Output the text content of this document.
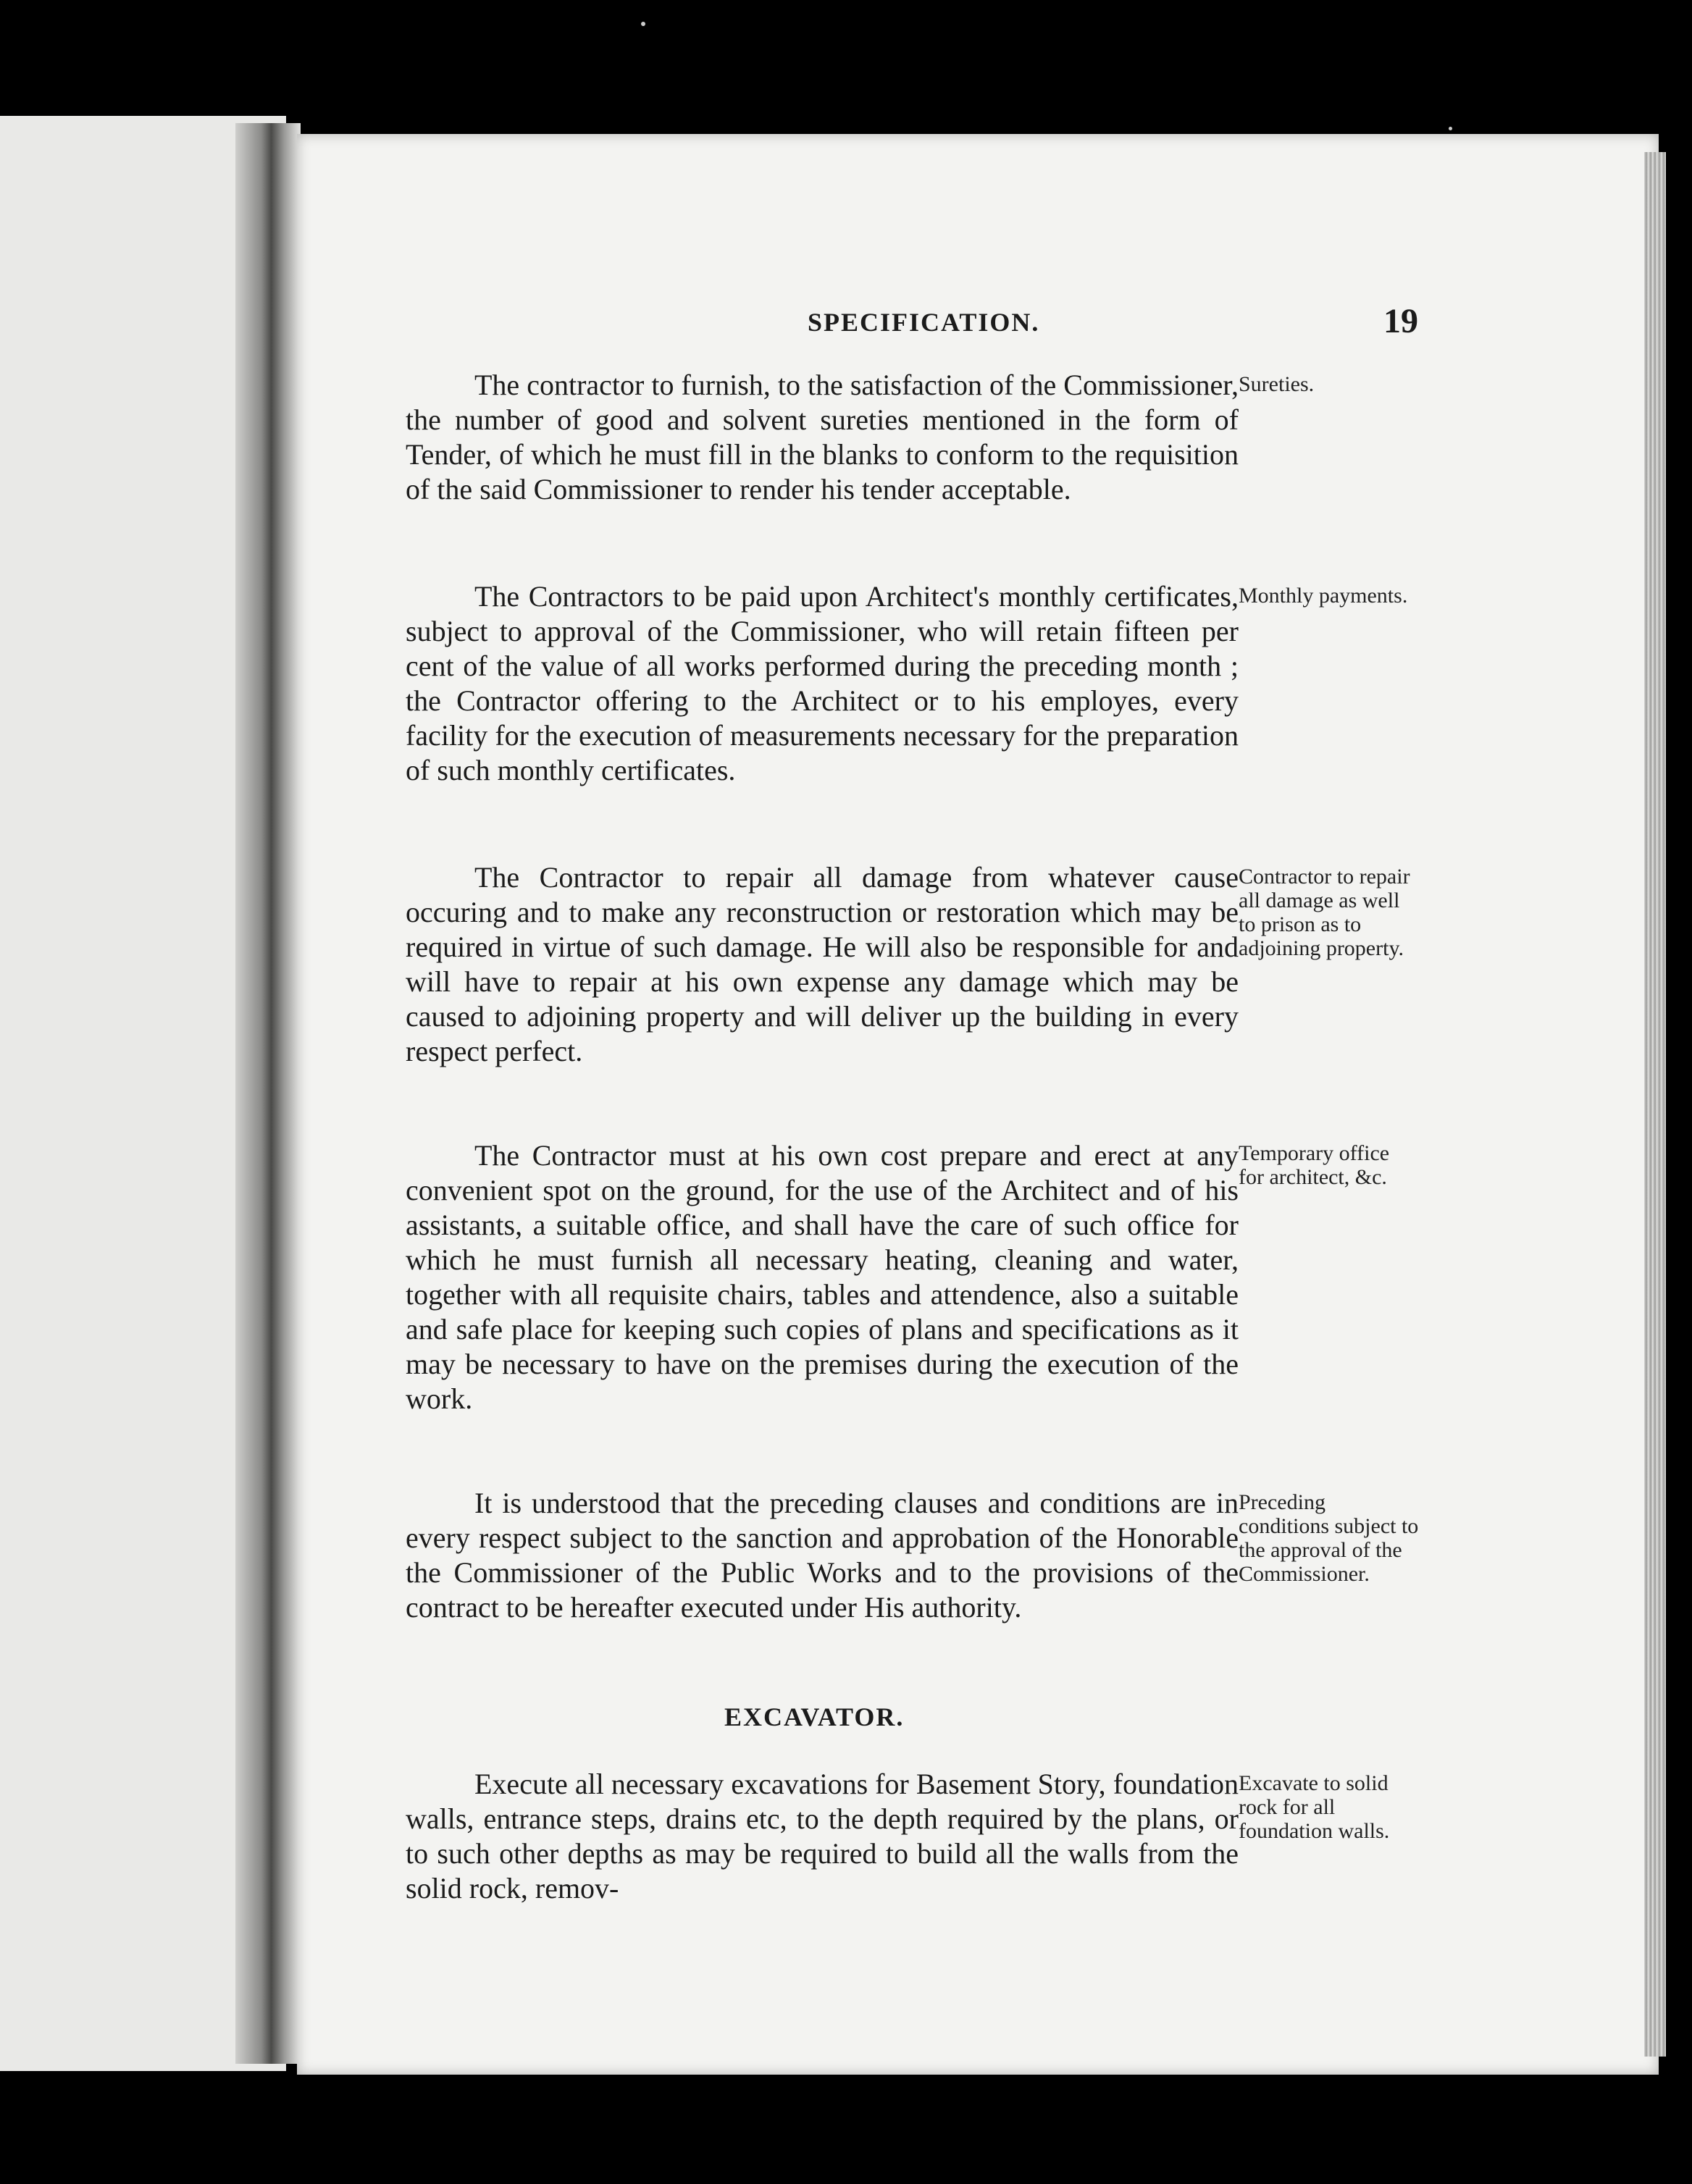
SPECIFICATION.	19

The contractor to furnish, to the satisfaction of the Commissioner, the number of good and solvent sureties mentioned in the form of Tender, of which he must fill in the blanks to conform to the requisition of the said Commissioner to render his tender acceptable.

Sureties.

The Contractors to be paid upon Architect's monthly certificates, subject to approval of the Commissioner, who will retain fifteen per cent of the value of all works performed during the preceding month ; the Contractor offering to the Architect or to his employes, every facility for the execution of measurements necessary for the preparation of such monthly certificates.

Monthly payments.

The Contractor to repair all damage from whatever cause occuring and to make any reconstruction or restoration which may be required in virtue of such damage. He will also be responsible for and will have to repair at his own expense any damage which may be caused to adjoining property and will deliver up the building in every respect perfect.

Contractor to repair all damage as well to prison as to adjoining property.

The Contractor must at his own cost prepare and erect at any convenient spot on the ground, for the use of the Architect and of his assistants, a suitable office, and shall have the care of such office for which he must furnish all necessary heating, cleaning and water, together with all requisite chairs, tables and attendence, also a suitable and safe place for keeping such copies of plans and specifications as it may be necessary to have on the premises during the execution of the work.

Temporary office for architect, &c.

It is understood that the preceding clauses and conditions are in every respect subject to the sanction and approbation of the Honorable the Commissioner of the Public Works and to the provisions of the contract to be hereafter executed under His authority.

Preceding conditions subject to the approval of the Commissioner.
EXCAVATOR.

Execute all necessary excavations for Basement Story, foundation walls, entrance steps, drains etc, to the depth required by the plans, or to such other depths as may be required to build all the walls from the solid rock, remov-

Excavate to solid rock for all foundation walls.
